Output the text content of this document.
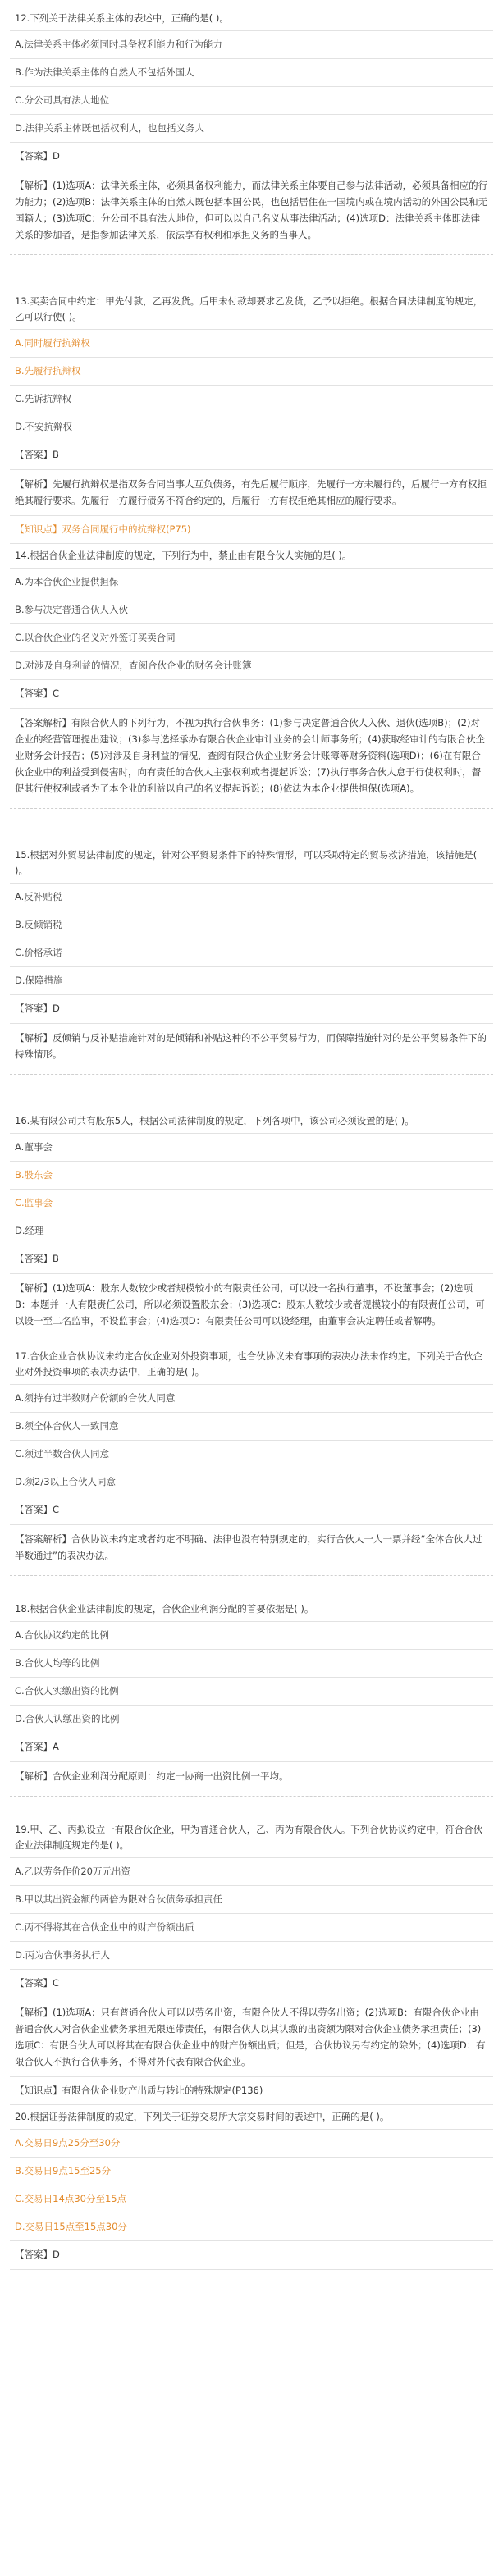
12.下列关于法律关系主体的表述中，正确的是( )。
A.法律关系主体必须同时具备权利能力和行为能力
B.作为法律关系主体的自然人不包括外国人
C.分公司具有法人地位
D.法律关系主体既包括权利人，也包括义务人
【答案】D
【解析】(1)选项A：法律关系主体，必须具备权利能力，而法律关系主体要自己参与法律活动，必须具备相应的行为能力；(2)选项B：法律关系主体的自然人既包括本国公民，也包括居住在一国境内或在境内活动的外国公民和无国籍人；(3)选项C：分公司不具有法人地位，但可以以自己名义从事法律活动；(4)选项D：法律关系主体即法律关系的参加者，是指参加法律关系，依法享有权利和承担义务的当事人。
13.买卖合同中约定：甲先付款，乙再发货。后甲未付款却要求乙发货，乙予以拒绝。根据合同法律制度的规定，乙可以行使( )。
A.同时履行抗辩权
B.先履行抗辩权
C.先诉抗辩权
D.不安抗辩权
【答案】B
【解析】先履行抗辩权是指双务合同当事人互负债务，有先后履行顺序，先履行一方未履行的，后履行一方有权拒绝其履行要求。先履行一方履行债务不符合约定的，后履行一方有权拒绝其相应的履行要求。
【知识点】双务合同履行中的抗辩权(P75)
14.根据合伙企业法律制度的规定，下列行为中，禁止由有限合伙人实施的是( )。
A.为本合伙企业提供担保
B.参与决定普通合伙人入伙
C.以合伙企业的名义对外签订买卖合同
D.对涉及自身利益的情况，查阅合伙企业的财务会计账簿
【答案】C
【答案解析】有限合伙人的下列行为，不视为执行合伙事务：(1)参与决定普通合伙人入伙、退伙(选项B)；(2)对企业的经营管理提出建议；(3)参与选择承办有限合伙企业审计业务的会计师事务所；(4)获取经审计的有限合伙企业财务会计报告；(5)对涉及自身利益的情况，查阅有限合伙企业财务会计账簿等财务资料(选项D)；(6)在有限合伙企业中的利益受到侵害时，向有责任的合伙人主张权利或者提起诉讼；(7)执行事务合伙人怠于行使权利时，督促其行使权利或者为了本企业的利益以自己的名义提起诉讼；(8)依法为本企业提供担保(选项A)。
15.根据对外贸易法律制度的规定，针对公平贸易条件下的特殊情形，可以采取特定的贸易救济措施，该措施是( )。
A.反补贴税
B.反倾销税
C.价格承诺
D.保障措施
【答案】D
【解析】反倾销与反补贴措施针对的是倾销和补贴这种的不公平贸易行为，而保障措施针对的是公平贸易条件下的特殊情形。
16.某有限公司共有股东5人，根据公司法律制度的规定，下列各项中，该公司必须设置的是( )。
A.董事会
B.股东会
C.监事会
D.经理
【答案】B
【解析】(1)选项A：股东人数较少或者规模较小的有限责任公司，可以设一名执行董事，不设董事会；(2)选项B：本题并一人有限责任公司，所以必须设置股东会；(3)选项C：股东人数较少或者规模较小的有限责任公司，可以设一至二名监事，不设监事会；(4)选项D：有限责任公司可以设经理，由董事会决定聘任或者解聘。
17.合伙企业合伙协议未约定合伙企业对外投资事项，也合伙协议未有事项的表决办法未作约定。下列关于合伙企业对外投资事项的表决办法中，正确的是( )。
A.须持有过半数财产份额的合伙人同意
B.须全体合伙人一致同意
C.须过半数合伙人同意
D.须2/3以上合伙人同意
【答案】C
【答案解析】合伙协议未约定或者约定不明确、法律也没有特别规定的，实行合伙人一人一票并经“全体合伙人过半数通过”的表决办法。
18.根据合伙企业法律制度的规定，合伙企业利润分配的首要依据是( )。
A.合伙协议约定的比例
B.合伙人均等的比例
C.合伙人实缴出资的比例
D.合伙人认缴出资的比例
【答案】A
【解析】合伙企业利润分配原则：约定一协商一出资比例一平均。
19.甲、乙、丙拟设立一有限合伙企业，甲为普通合伙人，乙、丙为有限合伙人。下列合伙协议约定中，符合合伙企业法律制度规定的是( )。
A.乙以劳务作价20万元出资
B.甲以其出资金额的两倍为限对合伙债务承担责任
C.丙不得将其在合伙企业中的财产份额出质
D.丙为合伙事务执行人
【答案】C
【解析】(1)选项A：只有普通合伙人可以以劳务出资，有限合伙人不得以劳务出资；(2)选项B：有限合伙企业由普通合伙人对合伙企业债务承担无限连带责任，有限合伙人以其认缴的出资额为限对合伙企业债务承担责任；(3)选项C：有限合伙人可以将其在有限合伙企业中的财产份额出质；但是，合伙协议另有约定的除外；(4)选项D：有限合伙人不执行合伙事务，不得对外代表有限合伙企业。
【知识点】有限合伙企业财产出质与转让的特殊规定(P136)
20.根据证券法律制度的规定，下列关于证券交易所大宗交易时间的表述中，正确的是( )。
A.交易日9点25分至30分
B.交易日9点15至25分
C.交易日14点30分至15点
D.交易日15点至15点30分
【答案】D
